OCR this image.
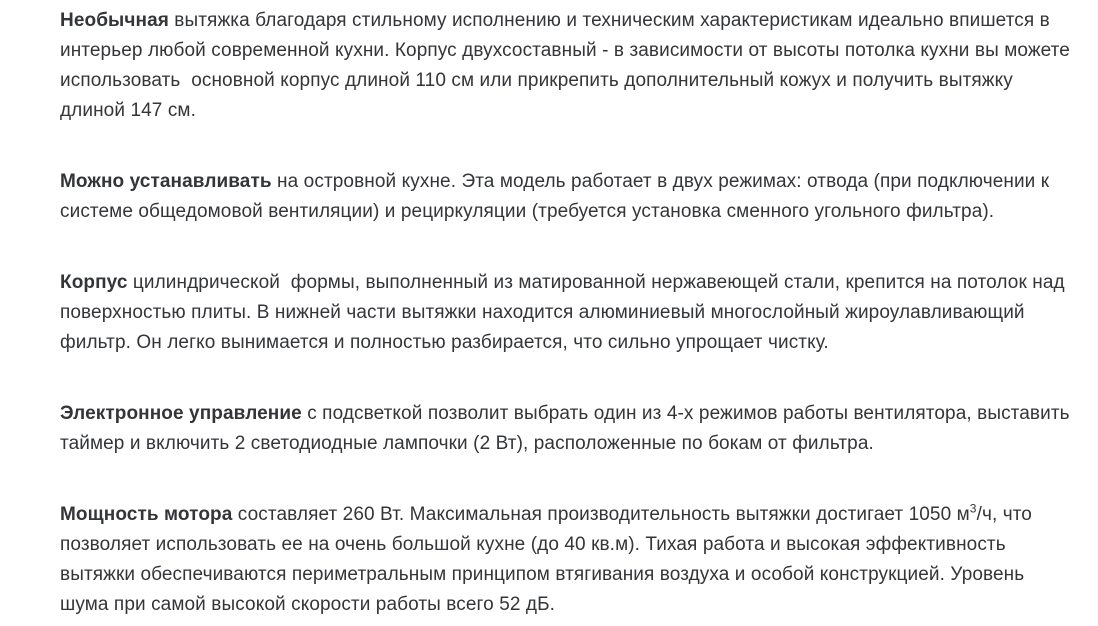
Необычная вытяжка благодаря стильному исполнению и техническим характеристикам идеально впишется в интерьер любой современной кухни. Корпус двухсоставный - в зависимости от высоты потолка кухни вы можете использовать  основной корпус длиной 110 см или прикрепить дополнительный кожух и получить вытяжку длиной 147 см.

Можно устанавливать на островной кухне. Эта модель работает в двух режимах: отвода (при подключении к системе общедомовой вентиляции) и рециркуляции (требуется установка сменного угольного фильтра).

Корпус цилиндрической  формы, выполненный из матированной нержавеющей стали, крепится на потолок над поверхностью плиты. В нижней части вытяжки находится алюминиевый многослойный жироулавливающий фильтр. Он легко вынимается и полностью разбирается, что сильно упрощает чистку.

Электронное управление с подсветкой позволит выбрать один из 4-х режимов работы вентилятора, выставить таймер и включить 2 светодиодные лампочки (2 Вт), расположенные по бокам от фильтра.

Мощность мотора составляет 260 Вт. Максимальная производительность вытяжки достигает 1050 $м^3/ч$, что позволяет использовать ее на очень большой кухне (до 40 кв.м). Тихая работа и высокая эффективность вытяжки обеспечиваются периметральным принципом втягивания воздуха и особой конструкцией. Уровень шума при самой высокой скорости работы всего 52 дБ.
